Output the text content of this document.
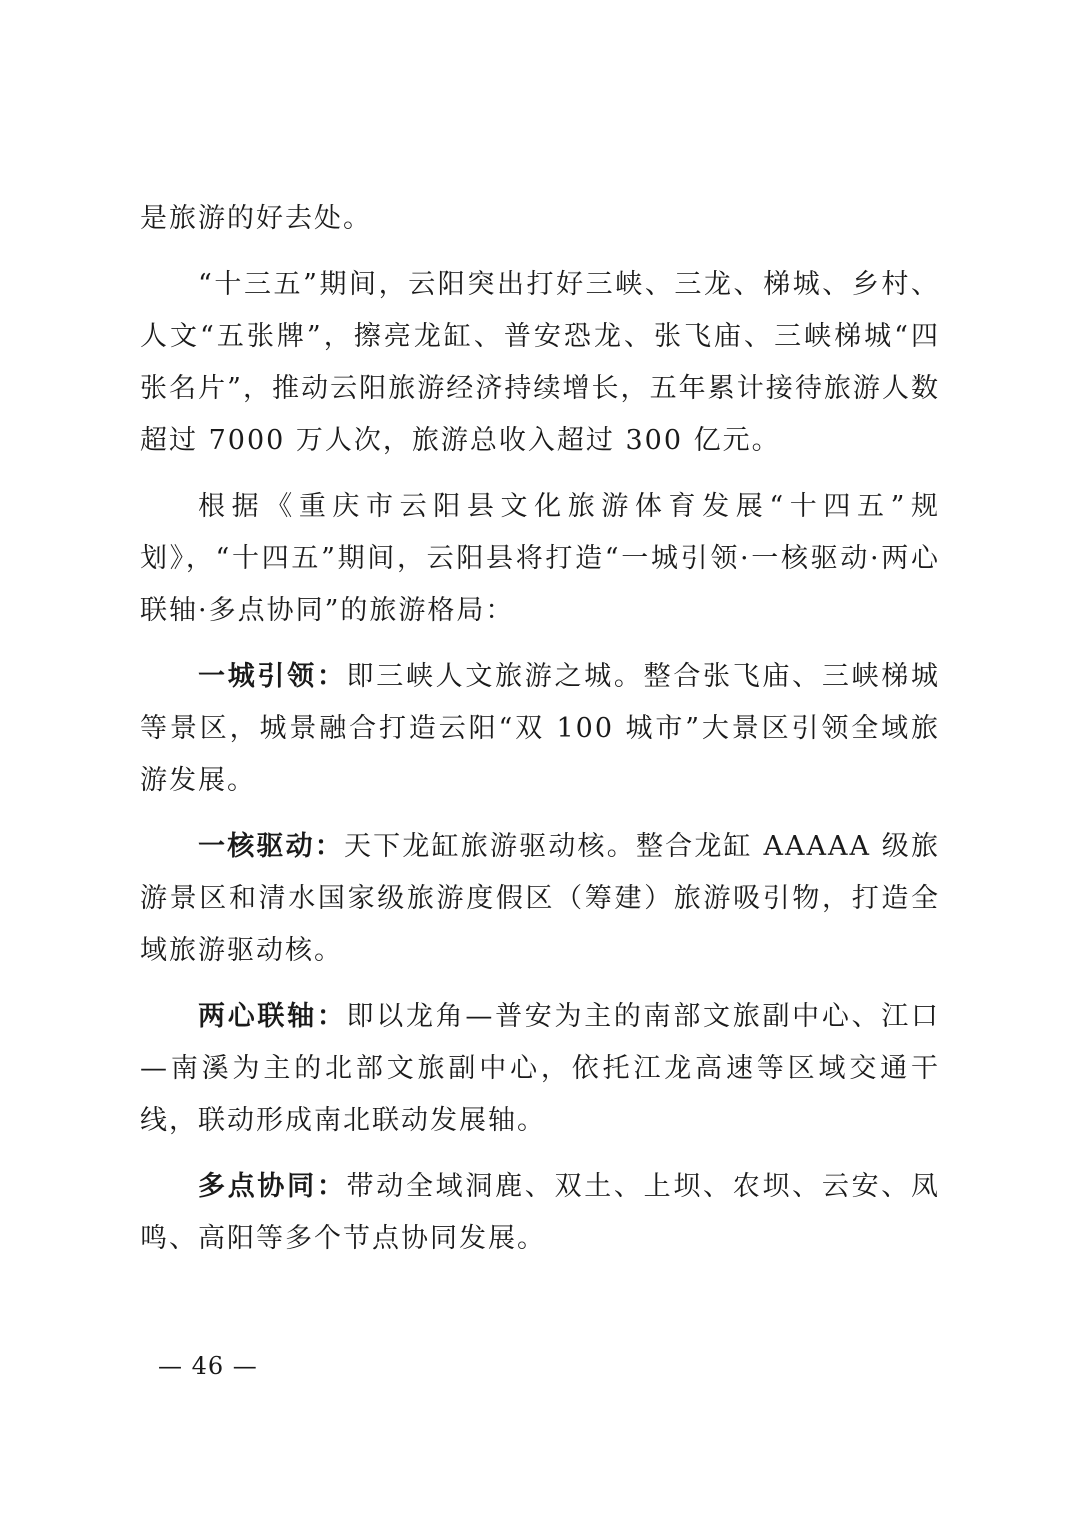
是旅游的好去处。

“十三五”期间，云阳突出打好三峡、三龙、梯城、乡村、人文“五张牌”，擦亮龙缸、普安恐龙、张飞庙、三峡梯城“四张名片”，推动云阳旅游经济持续增长，五年累计接待旅游人数超过 7000 万人次，旅游总收入超过 300 亿元。

根据《重庆市云阳县文化旅游体育发展“十四五”规划》，“十四五”期间，云阳县将打造“一城引领·一核驱动·两心联轴·多点协同”的旅游格局：

一城引领：即三峡人文旅游之城。整合张飞庙、三峡梯城等景区，城景融合打造云阳“双 100 城市”大景区引领全域旅游发展。

一核驱动：天下龙缸旅游驱动核。整合龙缸 AAAAA 级旅游景区和清水国家级旅游度假区（筹建）旅游吸引物，打造全域旅游驱动核。

两心联轴：即以龙角—普安为主的南部文旅副中心、江口—南溪为主的北部文旅副中心，依托江龙高速等区域交通干线，联动形成南北联动发展轴。

多点协同：带动全域洞鹿、双土、上坝、农坝、云安、凤鸣、高阳等多个节点协同发展。

— 46 —
